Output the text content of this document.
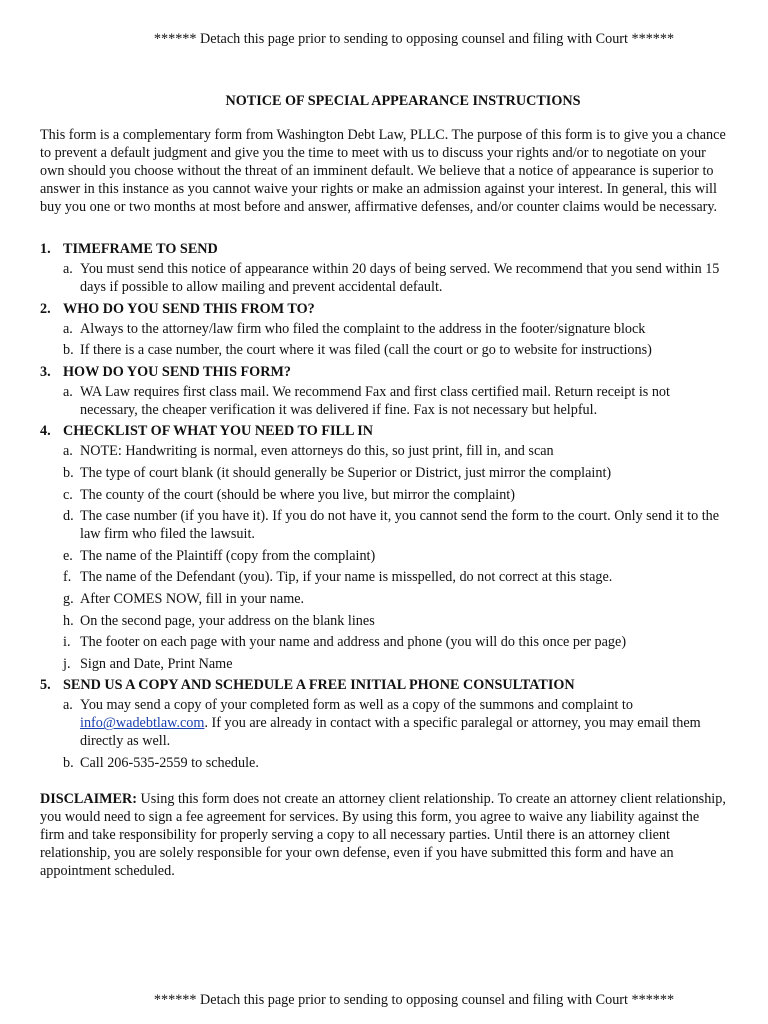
****** Detach this page prior to sending to opposing counsel and filing with Court ******
NOTICE OF SPECIAL APPEARANCE INSTRUCTIONS
This form is a complementary form from Washington Debt Law, PLLC. The purpose of this form is to give you a chance to prevent a default judgment and give you the time to meet with us to discuss your rights and/or to negotiate on your own should you choose without the threat of an imminent default. We believe that a notice of appearance is superior to answer in this instance as you cannot waive your rights or make an admission against your interest. In general, this will buy you one or two months at most before and answer, affirmative defenses, and/or counter claims would be necessary.
1. TIMEFRAME TO SEND
a. You must send this notice of appearance within 20 days of being served. We recommend that you send within 15 days if possible to allow mailing and prevent accidental default.
2. WHO DO YOU SEND THIS FROM TO?
a. Always to the attorney/law firm who filed the complaint to the address in the footer/signature block
b. If there is a case number, the court where it was filed (call the court or go to website for instructions)
3. HOW DO YOU SEND THIS FORM?
a. WA Law requires first class mail. We recommend Fax and first class certified mail. Return receipt is not necessary, the cheaper verification it was delivered if fine. Fax is not necessary but helpful.
4. CHECKLIST OF WHAT YOU NEED TO FILL IN
a. NOTE: Handwriting is normal, even attorneys do this, so just print, fill in, and scan
b. The type of court blank (it should generally be Superior or District, just mirror the complaint)
c. The county of the court (should be where you live, but mirror the complaint)
d. The case number (if you have it). If you do not have it, you cannot send the form to the court. Only send it to the law firm who filed the lawsuit.
e. The name of the Plaintiff (copy from the complaint)
f. The name of the Defendant (you). Tip, if your name is misspelled, do not correct at this stage.
g. After COMES NOW, fill in your name.
h. On the second page, your address on the blank lines
i. The footer on each page with your name and address and phone (you will do this once per page)
j. Sign and Date, Print Name
5. SEND US A COPY AND SCHEDULE A FREE INITIAL PHONE CONSULTATION
a. You may send a copy of your completed form as well as a copy of the summons and complaint to info@wadebtlaw.com. If you are already in contact with a specific paralegal or attorney, you may email them directly as well.
b. Call 206-535-2559 to schedule.
DISCLAIMER: Using this form does not create an attorney client relationship. To create an attorney client relationship, you would need to sign a fee agreement for services. By using this form, you agree to waive any liability against the firm and take responsibility for properly serving a copy to all necessary parties. Until there is an attorney client relationship, you are solely responsible for your own defense, even if you have submitted this form and have an appointment scheduled.
****** Detach this page prior to sending to opposing counsel and filing with Court ******
